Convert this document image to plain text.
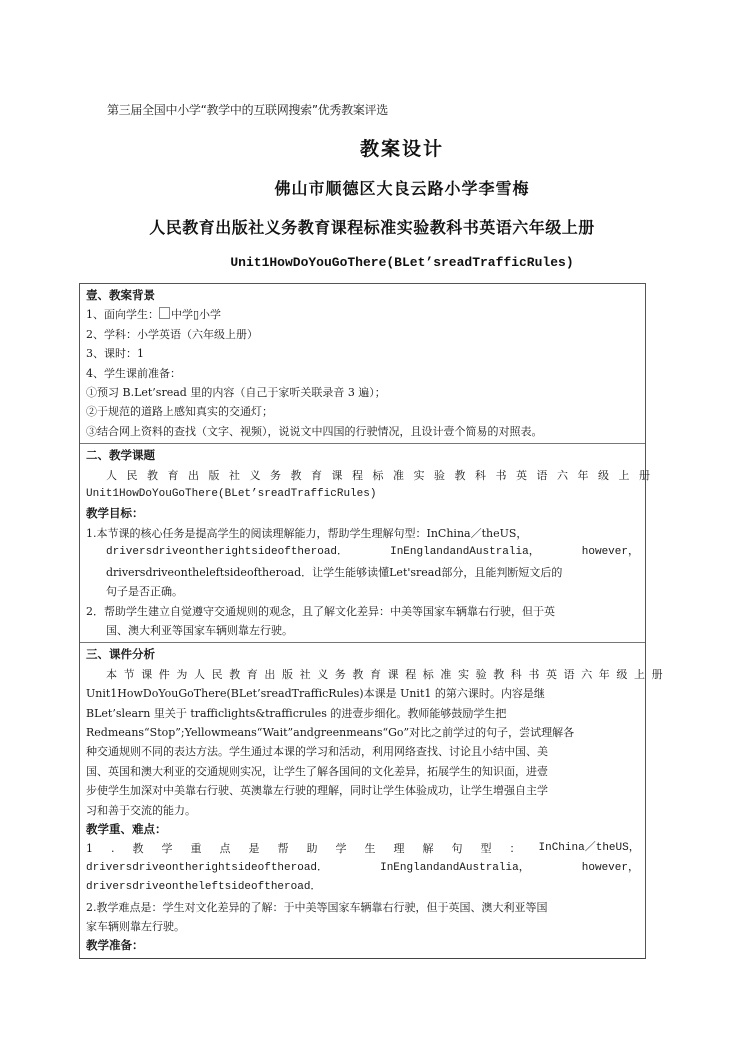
第三届全国中小学“教学中的互联网搜索”优秀教案评选
教案设计
佛山市顺德区大良云路小学李雪梅
人民教育出版社义务教育课程标准实验教科书英语六年级上册
Unit1HowDoYouGoThere(BLet’sreadTrafficRules)
壹、教案背景
1、面向学生： 中学▯小学
2、学科：小学英语（六年级上册）
3、课时：1
4、学生课前准备：
①预习 B.Let’sread 里的内容（自己于家听关联录音 3 遍）；
②于规范的道路上感知真实的交通灯；
③结合网上资料的查找（文字、视频），说说文中四国的行驶情况，且设计壹个简易的对照表。
二、教学课题
人民教育出版社义务教育课程标准实验教科书英语六年级上册
Unit1HowDoYouGoThere(BLet’sreadTrafficRules)
教学目标：
1.本节课的核心任务是提高学生的阅读理解能力，帮助学生理解句型：InChina／theUS，
driversdriveontherightsideoftheroad．	InEnglandandAustralia，	however，
driversdriveontheleftsideoftheroad．让学生能够读懂Let'sread部分，且能判断短文后的
句子是否正确。
2．帮助学生建立自觉遵守交通规则的观念，且了解文化差异：中美等国家车辆靠右行驶，但于英
国、澳大利亚等国家车辆则靠左行驶。
三、课件分析
本节课件为人民教育出版社义务教育课程标准实验教科书英语六年级上册
Unit1HowDoYouGoThere(BLet’sreadTrafficRules)本课是 Unit1 的第六课时。内容是继
BLet’slearn 里关于 trafficlights&trafficrules 的进壹步细化。教师能够鼓励学生把
Redmeans“Stop”;Yellowmeans“Wait”andgreenmeans“Go”对比之前学过的句子，尝试理解各
种交通规则不同的表达方法。学生通过本课的学习和活动，利用网络查找、讨论且小结中国、美
国、英国和澳大利亚的交通规则实况，让学生了解各国间的文化差异，拓展学生的知识面，进壹
步使学生加深对中美靠右行驶、英澳靠左行驶的理解，同时让学生体验成功，让学生增强自主学
习和善于交流的能力。
教学重、难点：
1.教学重点是帮助学生理解句型： InChina／ theUS，
driversdriveontherightsideoftheroad．	InEnglandandAustralia，	however，
driversdriveontheleftsideoftheroad．
2.教学难点是：学生对文化差异的了解：于中美等国家车辆靠右行驶，但于英国、澳大利亚等国
家车辆则靠左行驶。
教学准备：
